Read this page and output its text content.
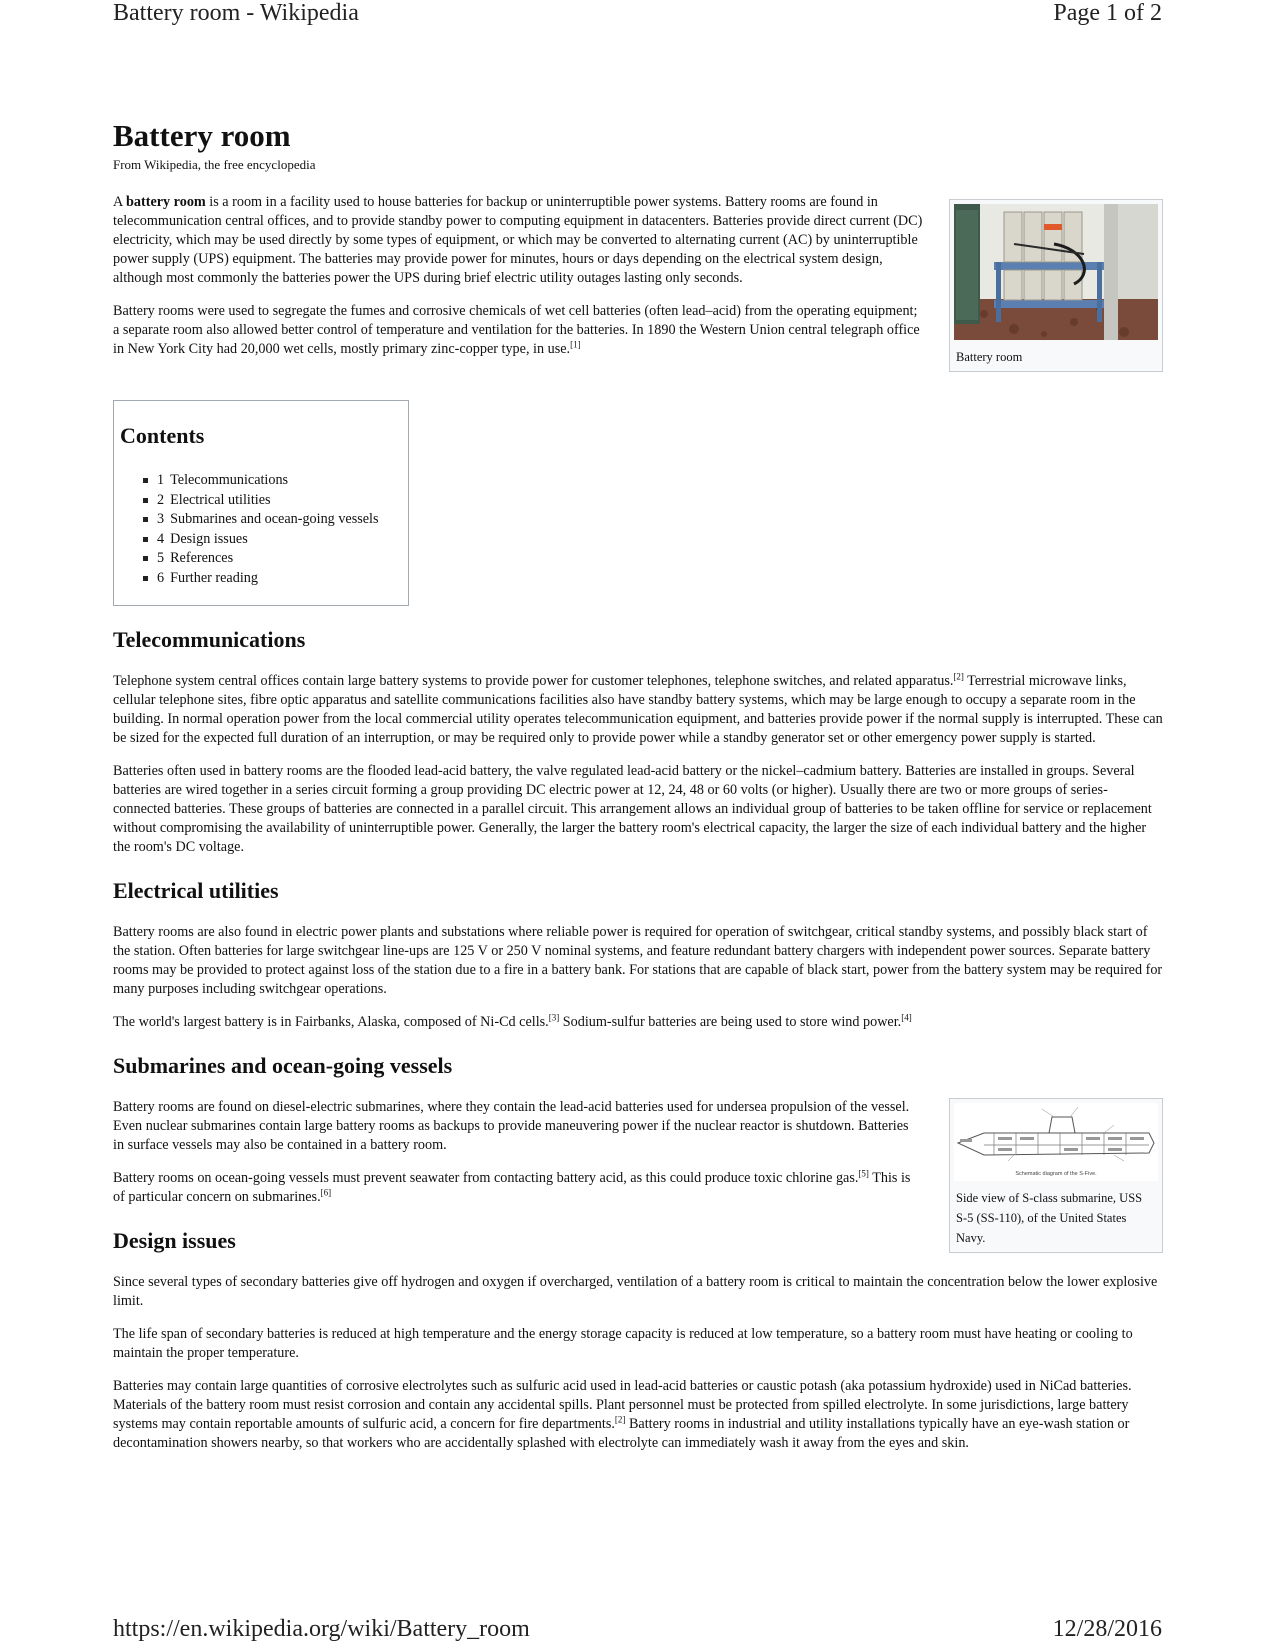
Battery room - Wikipedia	Page 1 of 2
Battery room
From Wikipedia, the free encyclopedia
Battery room

A battery room is a room in a facility used to house batteries for backup or uninterruptible power systems. Battery rooms are found in telecommunication central offices, and to provide standby power to computing equipment in datacenters. Batteries provide direct current (DC) electricity, which may be used directly by some types of equipment, or which may be converted to alternating current (AC) by uninterruptible power supply (UPS) equipment. The batteries may provide power for minutes, hours or days depending on the electrical system design, although most commonly the batteries power the UPS during brief electric utility outages lasting only seconds.

Battery rooms were used to segregate the fumes and corrosive chemicals of wet cell batteries (often lead–acid) from the operating equipment; a separate room also allowed better control of temperature and ventilation for the batteries. In 1890 the Western Union central telegraph office in New York City had 20,000 wet cells, mostly primary zinc-copper type, in use.[1]

Contents
1 Telecommunications
2 Electrical utilities
3 Submarines and ocean-going vessels
4 Design issues
5 References
6 Further reading
Telecommunications

Telephone system central offices contain large battery systems to provide power for customer telephones, telephone switches, and related apparatus.[2] Terrestrial microwave links, cellular telephone sites, fibre optic apparatus and satellite communications facilities also have standby battery systems, which may be large enough to occupy a separate room in the building. In normal operation power from the local commercial utility operates telecommunication equipment, and batteries provide power if the normal supply is interrupted. These can be sized for the expected full duration of an interruption, or may be required only to provide power while a standby generator set or other emergency power supply is started.

Batteries often used in battery rooms are the flooded lead-acid battery, the valve regulated lead-acid battery or the nickel–cadmium battery. Batteries are installed in groups. Several batteries are wired together in a series circuit forming a group providing DC electric power at 12, 24, 48 or 60 volts (or higher). Usually there are two or more groups of series-connected batteries. These groups of batteries are connected in a parallel circuit. This arrangement allows an individual group of batteries to be taken offline for service or replacement without compromising the availability of uninterruptible power. Generally, the larger the battery room's electrical capacity, the larger the size of each individual battery and the higher the room's DC voltage.

Electrical utilities

Battery rooms are also found in electric power plants and substations where reliable power is required for operation of switchgear, critical standby systems, and possibly black start of the station. Often batteries for large switchgear line-ups are 125 V or 250 V nominal systems, and feature redundant battery chargers with independent power sources. Separate battery rooms may be provided to protect against loss of the station due to a fire in a battery bank. For stations that are capable of black start, power from the battery system may be required for many purposes including switchgear operations.

The world's largest battery is in Fairbanks, Alaska, composed of Ni-Cd cells.[3] Sodium-sulfur batteries are being used to store wind power.[4]

Submarines and ocean-going vessels
Schematic diagram of the S-Five.
Side view of S-class submarine, USS S-5 (SS-110), of the United States Navy.

Battery rooms are found on diesel-electric submarines, where they contain the lead-acid batteries used for undersea propulsion of the vessel. Even nuclear submarines contain large battery rooms as backups to provide maneuvering power if the nuclear reactor is shutdown. Batteries in surface vessels may also be contained in a battery room.

Battery rooms on ocean-going vessels must prevent seawater from contacting battery acid, as this could produce toxic chlorine gas.[5] This is of particular concern on submarines.[6]

Design issues

Since several types of secondary batteries give off hydrogen and oxygen if overcharged, ventilation of a battery room is critical to maintain the concentration below the lower explosive limit.

The life span of secondary batteries is reduced at high temperature and the energy storage capacity is reduced at low temperature, so a battery room must have heating or cooling to maintain the proper temperature.

Batteries may contain large quantities of corrosive electrolytes such as sulfuric acid used in lead-acid batteries or caustic potash (aka potassium hydroxide) used in NiCad batteries. Materials of the battery room must resist corrosion and contain any accidental spills. Plant personnel must be protected from spilled electrolyte. In some jurisdictions, large battery systems may contain reportable amounts of sulfuric acid, a concern for fire departments.[2] Battery rooms in industrial and utility installations typically have an eye-wash station or decontamination showers nearby, so that workers who are accidentally splashed with electrolyte can immediately wash it away from the eyes and skin.

https://en.wikipedia.org/wiki/Battery_room	12/28/2016
